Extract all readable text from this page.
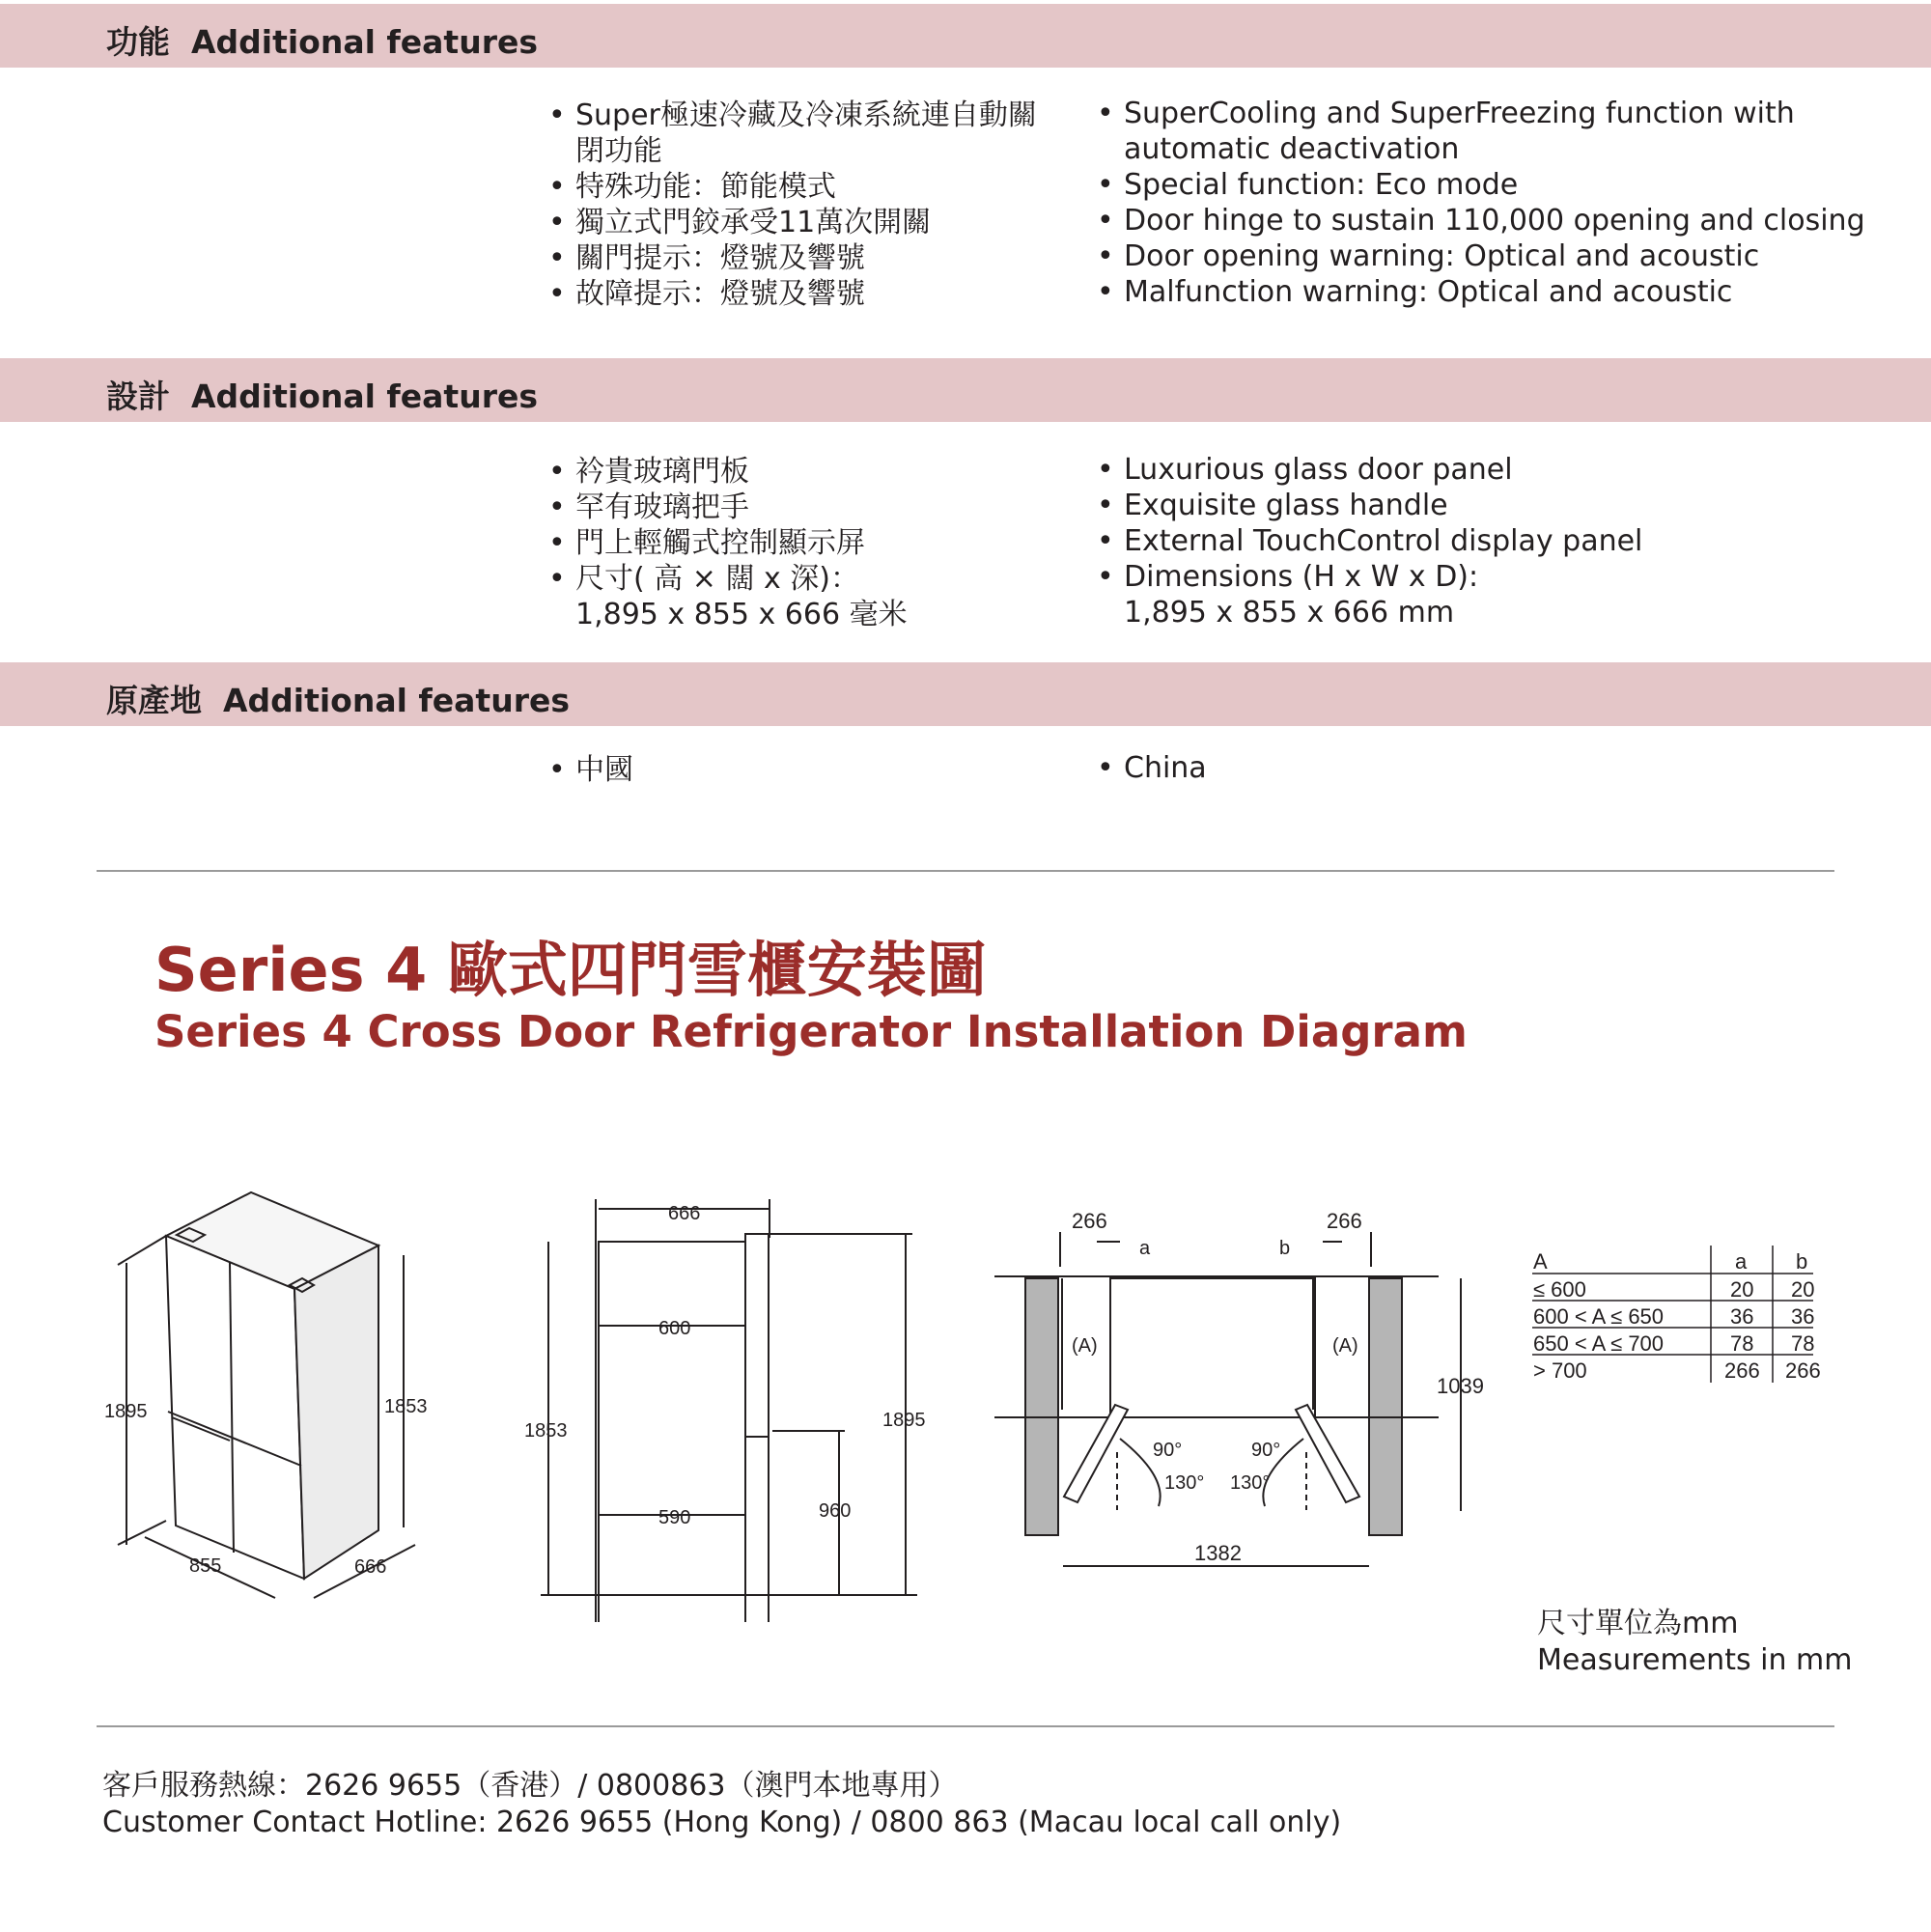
功能 Additional features
• Super極速冷藏及冷凍系統連自動關
閉功能
• 特殊功能：節能模式
• 獨立式門鉸承受11萬次開關
• 關門提示：燈號及響號
• 故障提示：燈號及響號
• SuperCooling and SuperFreezing function with
automatic deactivation
• Special function: Eco mode
• Door hinge to sustain 110,000 opening and closing
• Door opening warning: Optical and acoustic
• Malfunction warning: Optical and acoustic
設計 Additional features
• 衿貴玻璃門板
• 罕有玻璃把手
• 門上輕觸式控制顯示屏
• 尺寸( 高 × 闊 x 深)：
1,895 x 855 x 666 毫米
• Luxurious glass door panel
• Exquisite glass handle
• External TouchControl display panel
• Dimensions (H x W x D):
1,895 x 855 x 666 mm
原產地 Additional features
• 中國	• China
Series 4 歐式四門雪櫃安裝圖
Series 4 Cross Door Refrigerator Installation Diagram
1895	1853
855	666
666
600
590
1853	1895
960
266	266
a	b
(A)	(A)
90°	90°
130° 130°
1039
1382
A	a b
≤ 600	20 20
600 < A ≤ 650	36 36
650 < A ≤ 700	78 78
> 700	266 266
尺寸單位為mm
Measurements in mm
客戶服務熱線：2626 9655（香港）/ 0800863（澳門本地專用）
Customer Contact Hotline: 2626 9655 (Hong Kong) / 0800 863 (Macau local call only)
